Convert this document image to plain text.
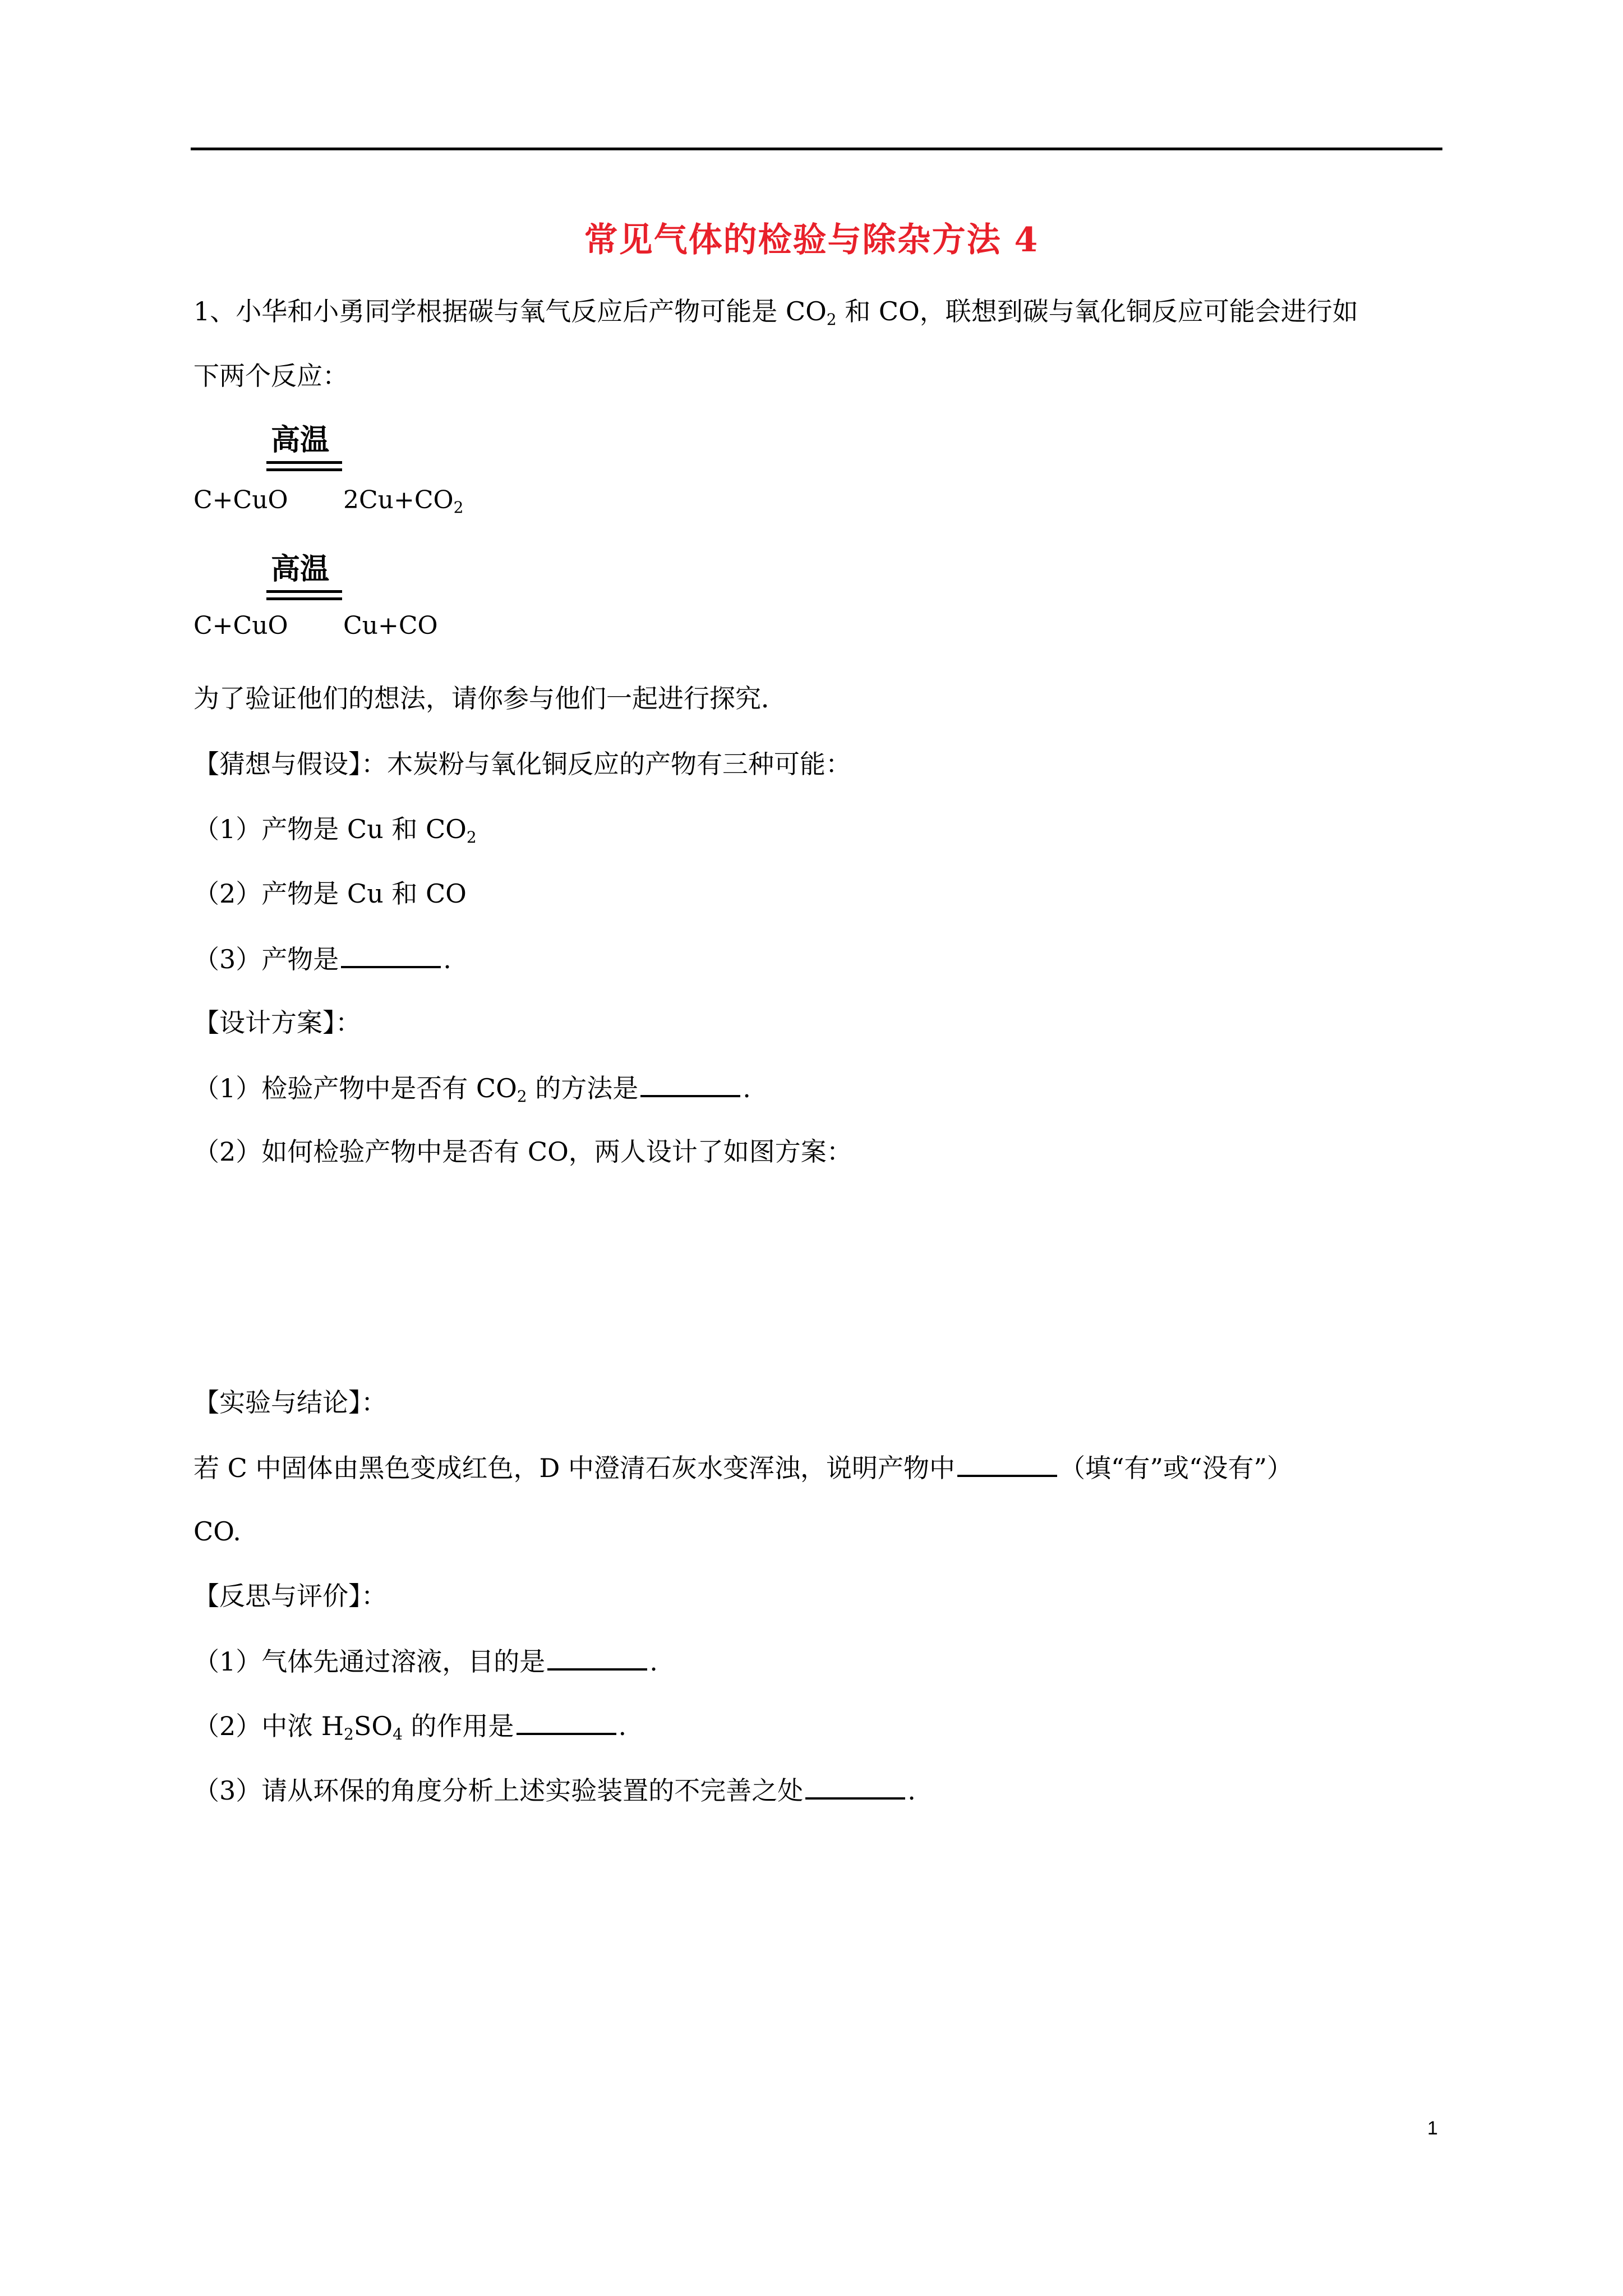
常见气体的检验与除杂方法 4
1、小华和小勇同学根据碳与氧气反应后产物可能是 $CO_2$ 和 CO，联想到碳与氧化铜反应可能会进行如
下两个反应：
高温
C+CuO $2Cu+CO_2$
高温
C+CuO Cu+CO
为了验证他们的想法，请你参与他们一起进行探究．
【猜想与假设】：木炭粉与氧化铜反应的产物有三种可能：
（1）产物是 Cu 和 $CO_2$
（2）产物是 Cu 和 CO
（3）产物是	.
【设计方案】：
（1）检验产物中是否有 $CO_2$ 的方法是	.
（2）如何检验产物中是否有 CO，两人设计了如图方案：
【实验与结论】：
若 C 中固体由黑色变成红色，D 中澄清石灰水变浑浊，说明产物中	（填“有”或“没有”）
CO.
【反思与评价】：
（1）气体先通过溶液，目的是	.
（2）中浓 $H_2SO_4$ 的作用是	.
（3）请从环保的角度分析上述实验装置的不完善之处	.
1
